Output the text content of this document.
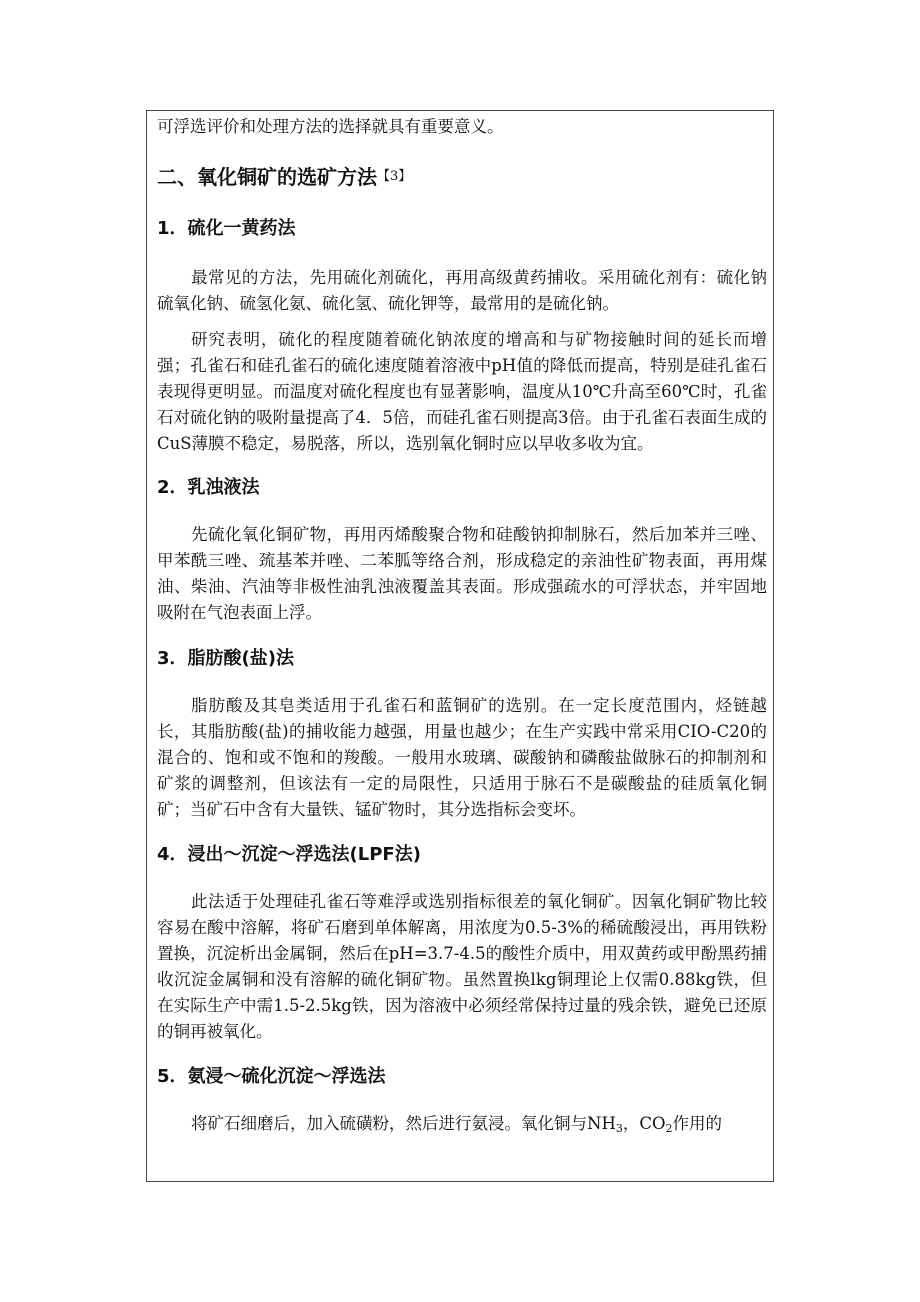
可浮选评价和处理方法的选择就具有重要意义。

二、氧化铜矿的选矿方法$^{【3】}$
1．硫化一黄药法

最常见的方法，先用硫化剂硫化，再用高级黄药捕收。采用硫化剂有：硫化钠硫氧化钠、硫氢化氨、硫化氢、硫化钾等，最常用的是硫化钠。

研究表明，硫化的程度随着硫化钠浓度的增高和与矿物接触时间的延长而增强；孔雀石和硅孔雀石的硫化速度随着溶液中pH值的降低而提高，特别是硅孔雀石表现得更明显。而温度对硫化程度也有显著影响，温度从10℃升高至60℃时，孔雀石对硫化钠的吸附量提高了4．5倍，而硅孔雀石则提高3倍。由于孔雀石表面生成的CuS薄膜不稳定，易脱落，所以，选别氧化铜时应以早收多收为宜。

2．乳浊液法

先硫化氧化铜矿物，再用丙烯酸聚合物和硅酸钠抑制脉石，然后加苯并三唑、甲苯酰三唑、巯基苯并唑、二苯胍等络合剂，形成稳定的亲油性矿物表面，再用煤油、柴油、汽油等非极性油乳浊液覆盖其表面。形成强疏水的可浮状态，并牢固地吸附在气泡表面上浮。

3．脂肪酸(盐)法

脂肪酸及其皂类适用于孔雀石和蓝铜矿的选别。在一定长度范围内，烃链越长，其脂肪酸(盐)的捕收能力越强，用量也越少；在生产实践中常采用CIO-C20的混合的、饱和或不饱和的羧酸。一般用水玻璃、碳酸钠和磷酸盐做脉石的抑制剂和矿浆的调整剂，但该法有一定的局限性，只适用于脉石不是碳酸盐的硅质氧化铜矿；当矿石中含有大量铁、锰矿物时，其分选指标会变坏。

4．浸出～沉淀～浮选法(LPF法)

此法适于处理硅孔雀石等难浮或选别指标很差的氧化铜矿。因氧化铜矿物比较容易在酸中溶解，将矿石磨到单体解离，用浓度为0.5-3%的稀硫酸浸出，再用铁粉置换，沉淀析出金属铜，然后在pH=3.7-4.5的酸性介质中，用双黄药或甲酚黑药捕收沉淀金属铜和没有溶解的硫化铜矿物。虽然置换lkg铜理论上仅需0.88kg铁，但在实际生产中需1.5-2.5kg铁，因为溶液中必须经常保持过量的残余铁，避免已还原的铜再被氧化。

5．氨浸～硫化沉淀～浮选法

将矿石细磨后，加入硫磺粉，然后进行氨浸。氧化铜与$NH_3$，$CO_2$作用的
